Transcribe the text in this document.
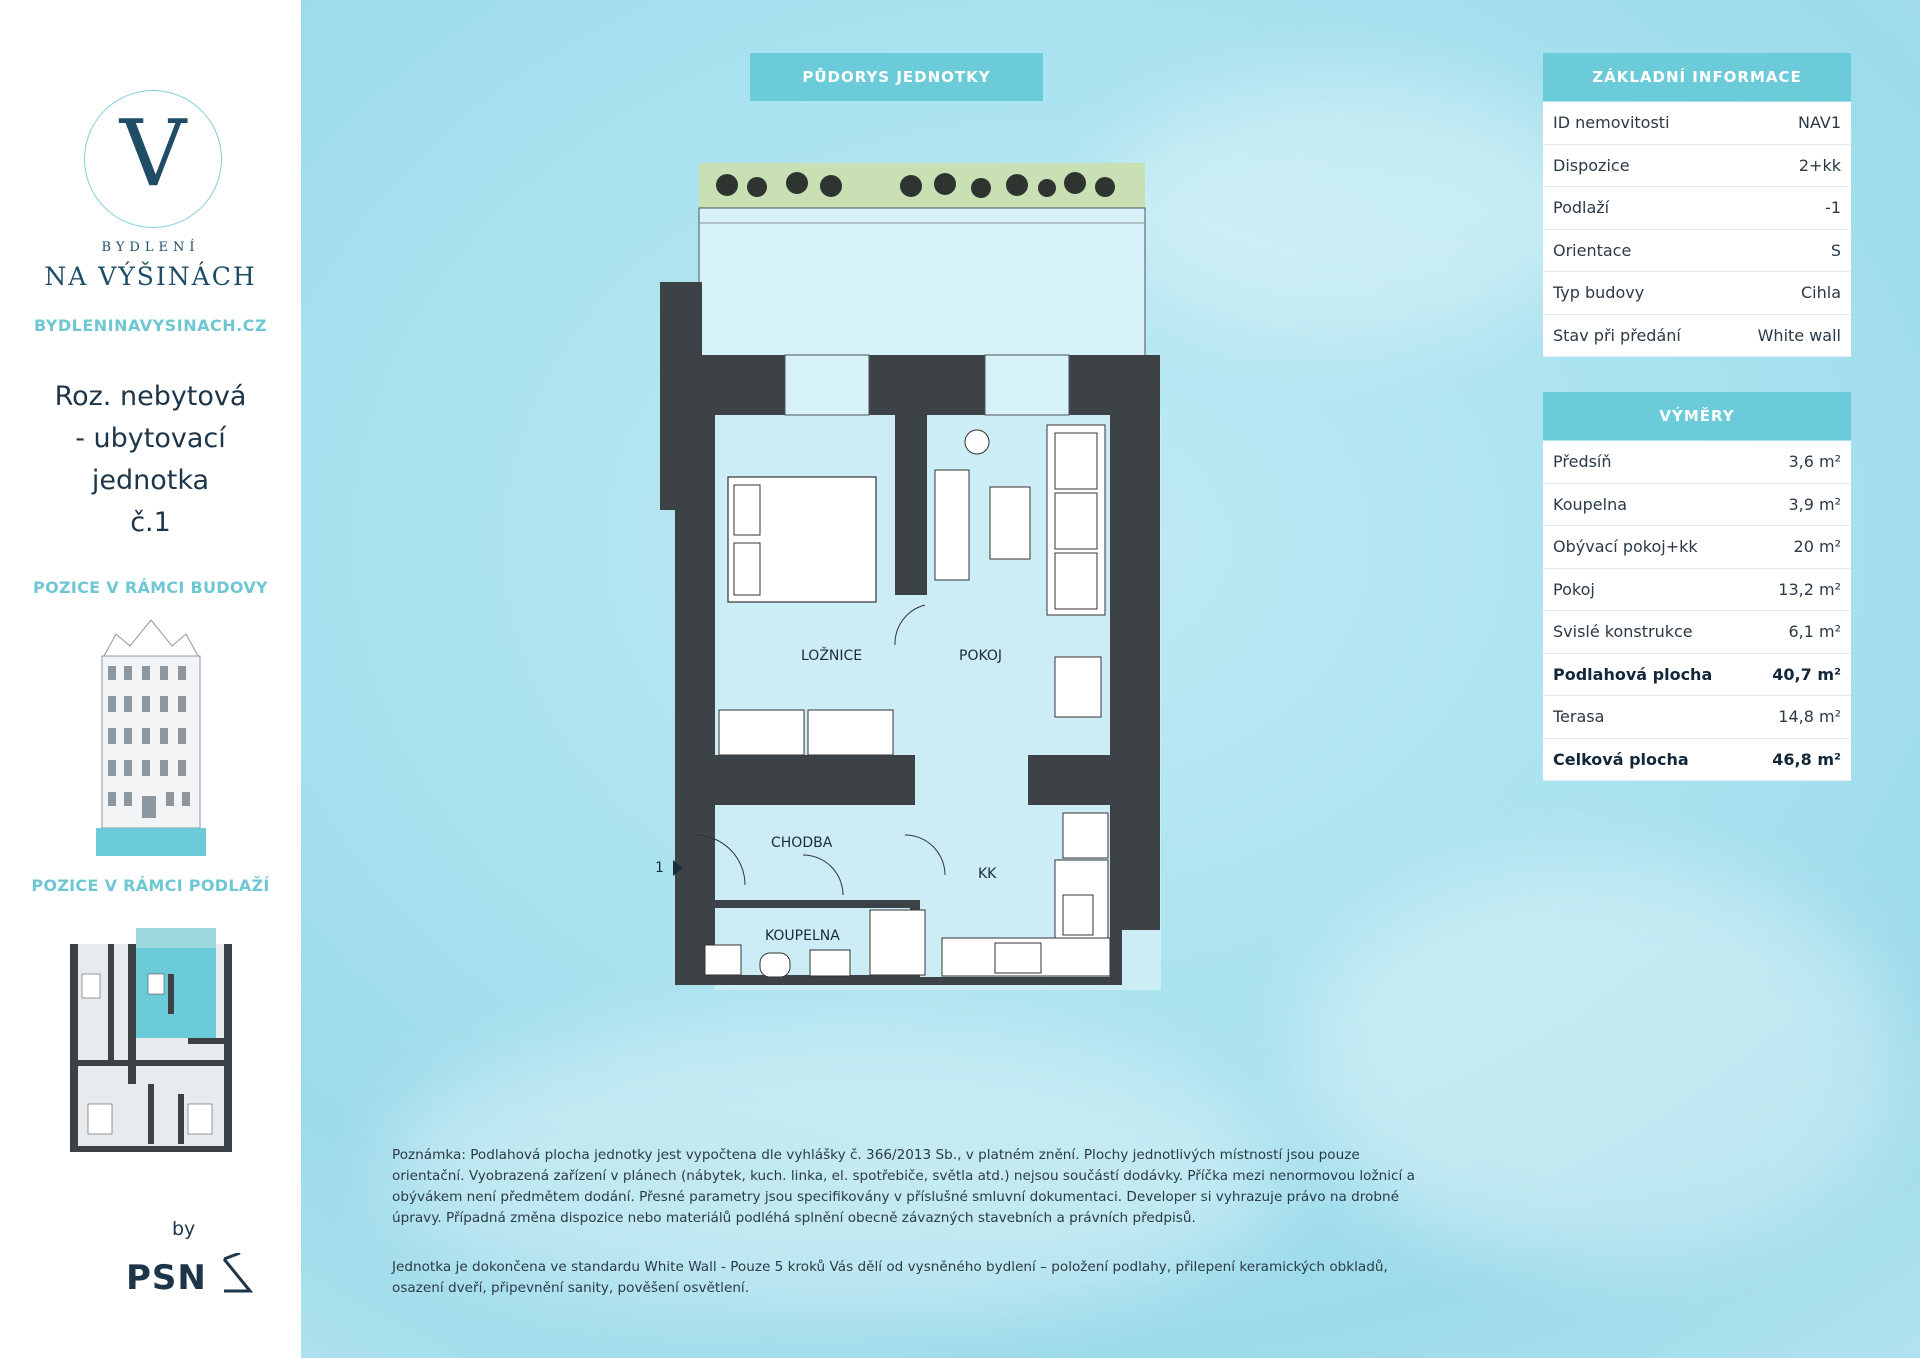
V
BYDLENÍ
NA VÝŠINÁCH
BYDLENINAVYSINACH.CZ
Roz. nebytová
- ubytovací
jednotka
č.1
POZICE V RÁMCI BUDOVY
POZICE V RÁMCI PODLAŽÍ
by
PSN
PŮDORYS JEDNOTKY
LOŽNICE	POKOJ
CHODBA
KK
KOUPELNA
1
ZÁKLADNÍ INFORMACE
ID nemovitosti	NAV1
Dispozice	2+kk
Podlaží	-1
Orientace	S
Typ budovy	Cihla
Stav při předání	White wall
VÝMĚRY
Předsíň	3,6 m²
Koupelna	3,9 m²
Obývací pokoj+kk	20 m²
Pokoj	13,2 m²
Svislé konstrukce	6,1 m²
Podlahová plocha	40,7 m²
Terasa	14,8 m²
Celková plocha	46,8 m²
Poznámka: Podlahová plocha jednotky jest vypočtena dle vyhlášky č. 366/2013 Sb., v platném znění. Plochy jednotlivých místností jsou pouze orientační. Vyobrazená zařízení v plánech (nábytek, kuch. linka, el. spotřebiče, světla atd.) nejsou součástí dodávky. Příčka mezi nenormovou ložnicí a obývákem není předmětem dodání. Přesné parametry jsou specifikovány v příslušné smluvní dokumentaci. Developer si vyhrazuje právo na drobné úpravy. Případná změna dispozice nebo materiálů podléhá splnění obecně závazných stavebních a právních předpisů.
Jednotka je dokončena ve standardu White Wall - Pouze 5 kroků Vás dělí od vysněného bydlení – položení podlahy, přilepení keramických obkladů, osazení dveří, připevnění sanity, pověšení osvětlení.
